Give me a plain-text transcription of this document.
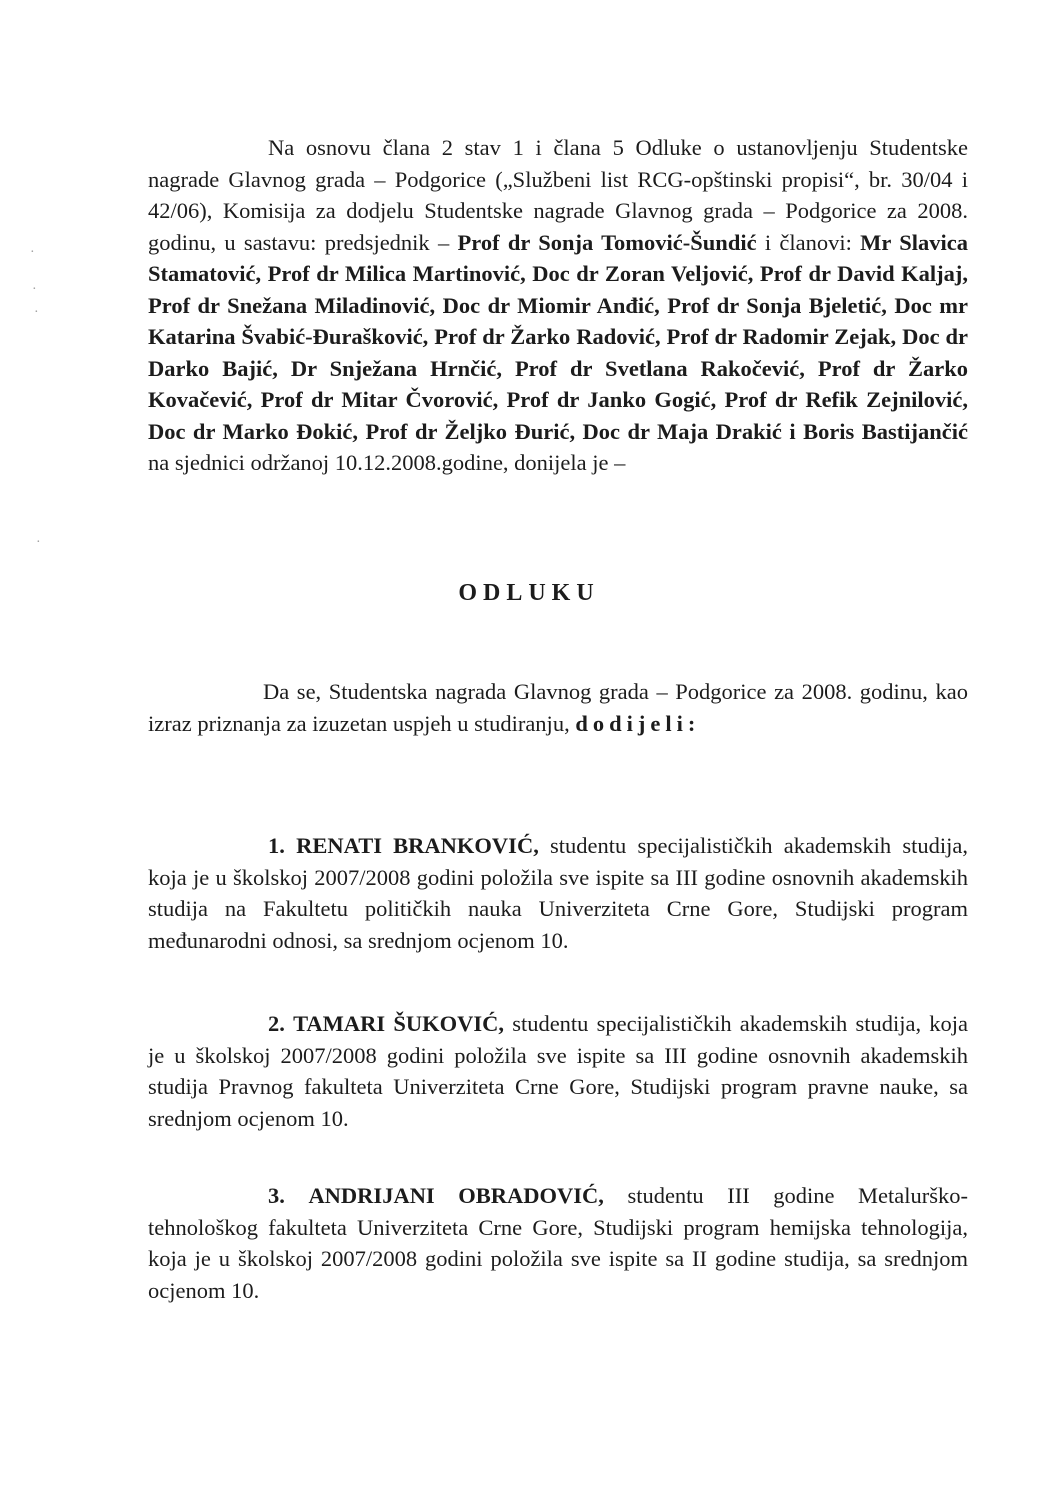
·
·
·
·

Na osnovu člana 2 stav 1 i člana 5 Odluke o ustanovljenju Studentske nagrade Glavnog grada – Podgorice („Službeni list RCG-opštinski propisi“, br. 30/04 i 42/06), Komisija za dodjelu Studentske nagrade Glavnog grada – Podgorice za 2008. godinu, u sastavu: predsjednik – Prof dr Sonja Tomović-Šundić i članovi: Mr Slavica Stamatović, Prof dr Milica Martinović, Doc dr Zoran Veljović, Prof dr David Kaljaj, Prof dr Snežana Miladinović, Doc dr Miomir Anđić, Prof dr Sonja Bjeletić, Doc mr Katarina Švabić-Đurašković, Prof dr Žarko Radović, Prof dr Radomir Zejak, Doc dr Darko Bajić, Dr Snježana Hrnčić, Prof dr Svetlana Rakočević, Prof dr Žarko Kovačević, Prof dr Mitar Čvorović, Prof dr Janko Gogić, Prof dr Refik Zejnilović, Doc dr Marko Đokić, Prof dr Željko Đurić, Doc dr Maja Drakić i Boris Bastijančić na sjednici održanoj 10.12.2008.godine, donijela je –

ODLUKU

Da se, Studentska nagrada Glavnog grada – Podgorice za 2008. godinu, kao izraz priznanja za izuzetan uspjeh u studiranju, dodijeli:

1. RENATI BRANKOVIĆ, studentu specijalističkih akademskih studija, koja je u školskoj 2007/2008 godini položila sve ispite sa III godine osnovnih akademskih studija na Fakultetu političkih nauka Univerziteta Crne Gore, Studijski program međunarodni odnosi, sa srednjom ocjenom 10.

2. TAMARI ŠUKOVIĆ, studentu specijalističkih akademskih studija, koja je u školskoj 2007/2008 godini položila sve ispite sa III godine osnovnih akademskih studija Pravnog fakulteta Univerziteta Crne Gore, Studijski program pravne nauke, sa srednjom ocjenom 10.

3. ANDRIJANI OBRADOVIĆ, studentu III godine Metalurško-tehnološkog fakulteta Univerziteta Crne Gore, Studijski program hemijska tehnologija, koja je u školskoj 2007/2008 godini položila sve ispite sa II godine studija, sa srednjom ocjenom 10.
